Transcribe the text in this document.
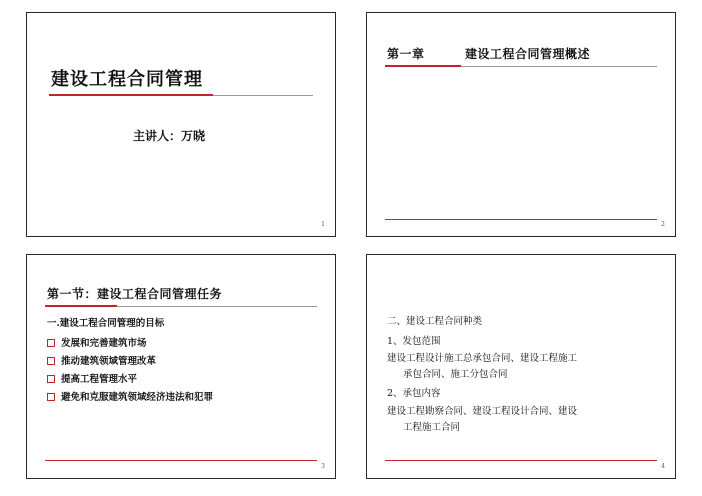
建设工程合同管理
主讲人：万晓
1
第一章	建设工程合同管理概述
2
第一节：建设工程合同管理任务
一.建设工程合同管理的目标
发展和完善建筑市场
推动建筑领域管理改革
提高工程管理水平
避免和克服建筑领域经济违法和犯罪
3
二、建设工程合同种类
1、发包范围
建设工程设计施工总承包合同、建设工程施工
承包合同、施工分包合同
2、承包内容
建设工程勘察合同、建设工程设计合同、建设
工程施工合同
4
